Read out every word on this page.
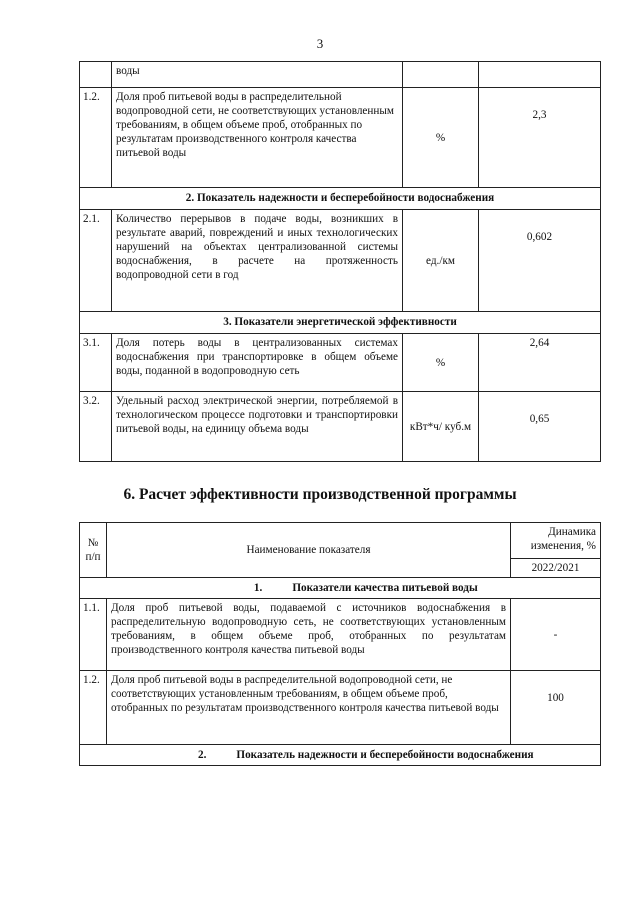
3
	воды		
1.2.	Доля проб питьевой воды в распределительной водопроводной сети, не соответствующих установленным требованиям, в общем объеме проб, отобранных по результатам производственного контроля качества питьевой воды	%	2,3
2. Показатель надежности и бесперебойности водоснабжения			
2.1.	Количество перерывов в подаче воды, возникших в результате аварий, повреждений и иных технологических нарушений на объектах централизованной системы водоснабжения, в расчете на протяженность водопроводной сети в год	ед./км	0,602
3. Показатели энергетической эффективности			
3.1.	Доля потерь воды в централизованных системах водоснабжения при транспортировке в общем объеме воды, поданной в водопроводную сеть	%	2,64
3.2.	Удельный расход электрической энергии, потребляемой в технологическом процессе подготовки и транспортировки питьевой воды, на единицу объема воды	кВт*ч/ куб.м	0,65
6. Расчет эффективности производственной программы
№ п/п	Наименование показателя	Динамика изменения, %
		2022/2021
1. Показатели качества питьевой воды		
1.1.	Доля проб питьевой воды, подаваемой с источников водоснабжения в распределительную водопроводную сеть, не соответствующих установленным требованиям, в общем объеме проб, отобранных по результатам производственного контроля качества питьевой воды	-
1.2.	Доля проб питьевой воды в распределительной водопроводной сети, не соответствующих установленным требованиям, в общем объеме проб, отобранных по результатам производственного контроля качества питьевой воды	100
2. Показатель надежности и бесперебойности водоснабжения		
